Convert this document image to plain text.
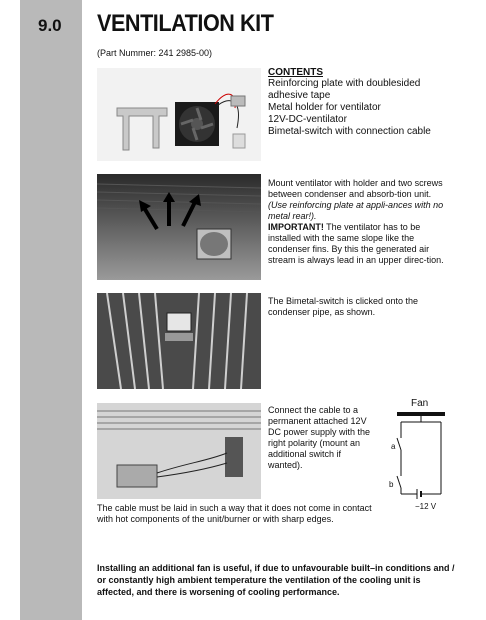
9.0 VENTILATION KIT
(Part Nummer: 241 2985-00)
CONTENTS
Reinforcing plate with doublesided
adhesive tape
Metal holder for ventilator
12V-DC-ventilator
Bimetal-switch with connection cable
Mount ventilator with holder and two screws between condenser and absorb-tion unit. (Use reinforcing plate at appli-ances with no metal rear!).
IMPORTANT! The ventilator has to be installed with the same slope like the condenser fins. By this the generated air stream is always lead in an upper direc-tion.
The Bimetal-switch is clicked onto the condenser pipe, as shown.
Connect the cable to a permanent attached 12V DC power supply with the right polarity (mount an additional switch if wanted).
Fan
a
b
−12 V
The cable must be laid in such a way that it does not come in contact with hot components of the unit/burner or with sharp edges.
Installing an additional fan is useful, if due to unfavourable built–in conditions and / or constantly high ambient temperature the ventilation of the cooling unit is affected, and there is worsening of cooling performance.
